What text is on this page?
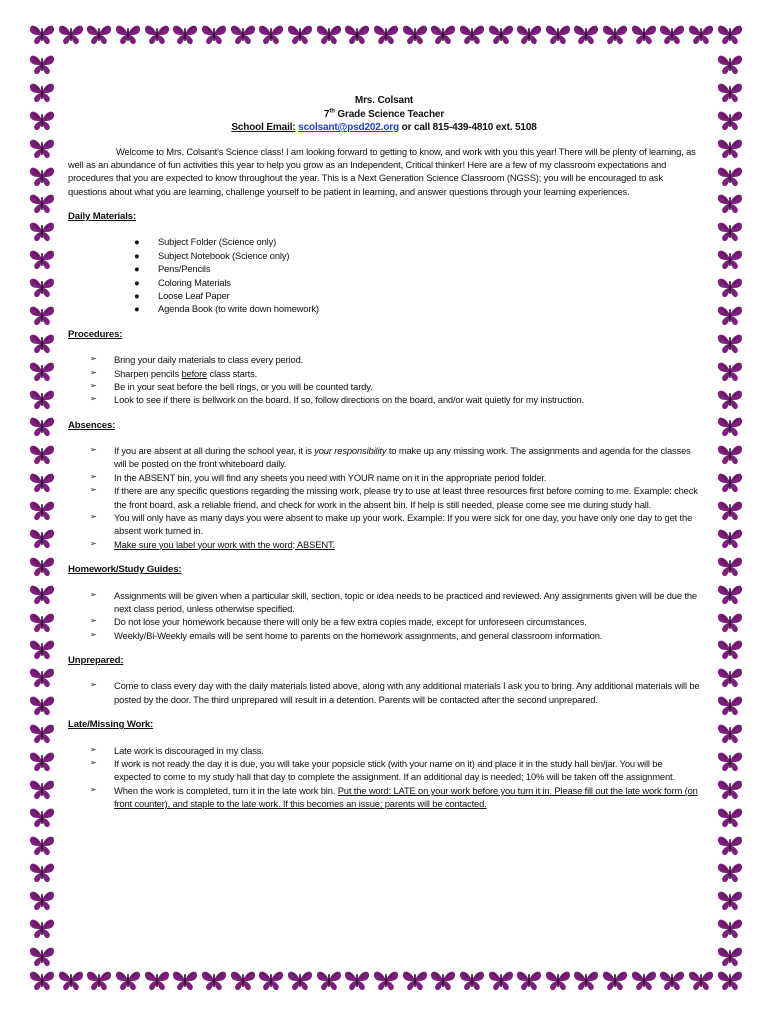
Mrs. Colsant
7th Grade Science Teacher
School Email: scolsant@psd202.org or call 815-439-4810 ext. 5108

Welcome to Mrs. Colsant's Science class! I am looking forward to getting to know, and work with you this year! There will be plenty of learning, as well as an abundance of fun activities this year to help you grow as an Independent, Critical thinker! Here are a few of my classroom expectations and procedures that you are expected to know throughout the year. This is a Next Generation Science Classroom (NGSS); you will be encouraged to ask questions about what you are learning, challenge yourself to be patient in learning, and answer questions through your learning experiences.

Daily Materials:
● Subject Folder (Science only)
● Subject Notebook (Science only)
● Pens/Pencils
● Coloring Materials
● Loose Leaf Paper
● Agenda Book (to write down homework)
Procedures:
➢ Bring your daily materials to class every period.
➢ Sharpen pencils before class starts.
➢ Be in your seat before the bell rings, or you will be counted tardy.
➢ Look to see if there is bellwork on the board. If so, follow directions on the board, and/or wait quietly for my instruction.
Absences:
➢ If you are absent at all during the school year, it is your responsibility to make up any missing work. The assignments and agenda for the classes will be posted on the front whiteboard daily.
➢ In the ABSENT bin, you will find any sheets you need with YOUR name on it in the appropriate period folder.
➢ If there are any specific questions regarding the missing work, please try to use at least three resources first before coming to me. Example: check the front board, ask a reliable friend, and check for work in the absent bin. If help is still needed, please come see me during study hall.
➢ You will only have as many days you were absent to make up your work. Example: If you were sick for one day, you have only one day to get the absent work turned in.
➢ Make sure you label your work with the word; ABSENT.
Homework/Study Guides:
➢ Assignments will be given when a particular skill, section, topic or idea needs to be practiced and reviewed. Any assignments given will be due the next class period, unless otherwise specified.
➢ Do not lose your homework because there will only be a few extra copies made, except for unforeseen circumstances.
➢ Weekly/Bi-Weekly emails will be sent home to parents on the homework assignments, and general classroom information.
Unprepared:
➢ Come to class every day with the daily materials listed above, along with any additional materials I ask you to bring. Any additional materials will be posted by the door. The third unprepared will result in a detention. Parents will be contacted after the second unprepared.
Late/Missing Work:
➢ Late work is discouraged in my class.
➢ If work is not ready the day it is due, you will take your popsicle stick (with your name on it) and place it in the study hall bin/jar. You will be expected to come to my study hall that day to complete the assignment. If an additional day is needed; 10% will be taken off the assignment.
➢ When the work is completed, turn it in the late work bin. Put the word: LATE on your work before you turn it in. Please fill out the late work form (on front counter), and staple to the late work. If this becomes an issue; parents will be contacted.
